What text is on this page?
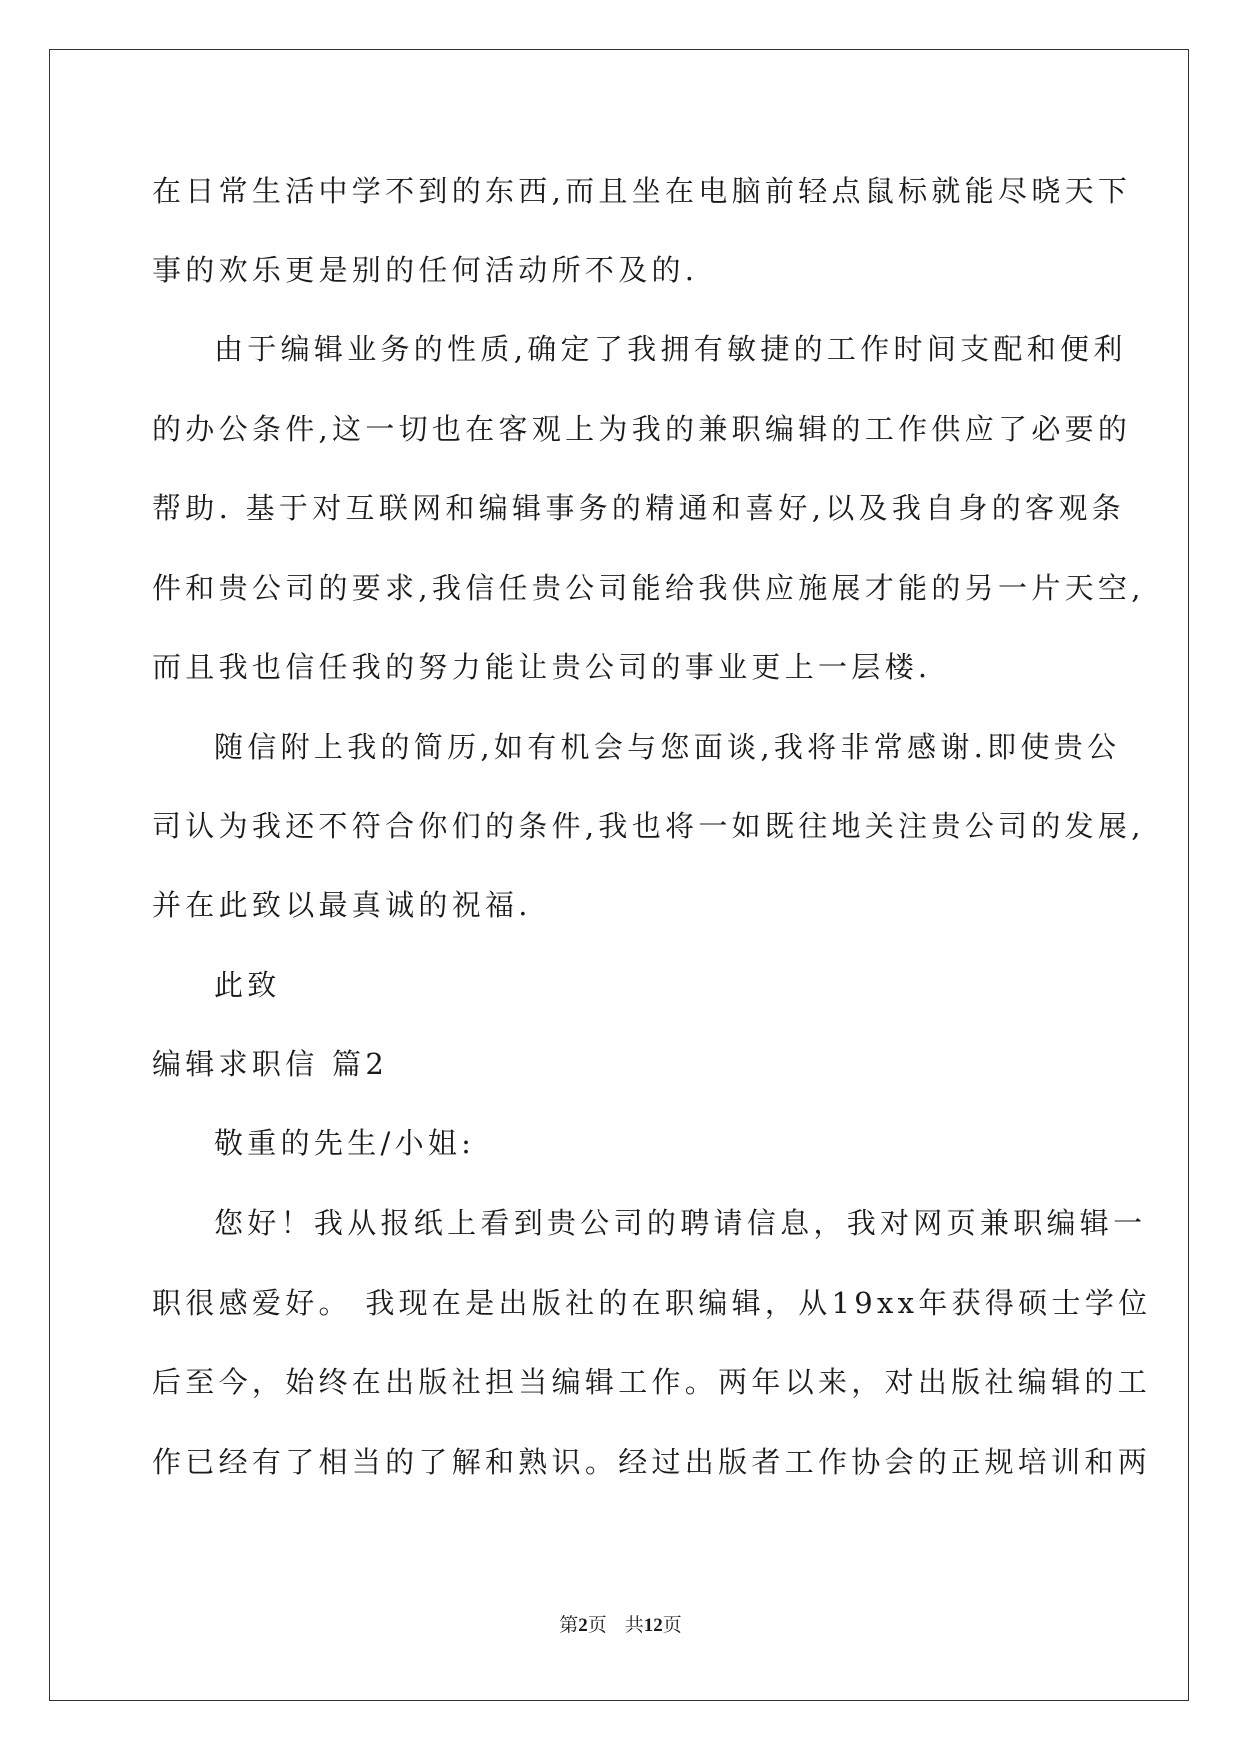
在日常生活中学不到的东西,而且坐在电脑前轻点鼠标就能尽晓天下

事的欢乐更是别的任何活动所不及的.

由于编辑业务的性质,确定了我拥有敏捷的工作时间支配和便利

的办公条件,这一切也在客观上为我的兼职编辑的工作供应了必要的

帮助. 基于对互联网和编辑事务的精通和喜好,以及我自身的客观条

件和贵公司的要求,我信任贵公司能给我供应施展才能的另一片天空,

而且我也信任我的努力能让贵公司的事业更上一层楼.

随信附上我的简历,如有机会与您面谈,我将非常感谢.即使贵公

司认为我还不符合你们的条件,我也将一如既往地关注贵公司的发展,

并在此致以最真诚的祝福.

此致

编辑求职信 篇2

敬重的先生/小姐:

您好！我从报纸上看到贵公司的聘请信息，我对网页兼职编辑一

职很感爱好。 我现在是出版社的在职编辑，从19xx年获得硕士学位

后至今，始终在出版社担当编辑工作。两年以来，对出版社编辑的工

作已经有了相当的了解和熟识。经过出版者工作协会的正规培训和两

第2页 共12页
